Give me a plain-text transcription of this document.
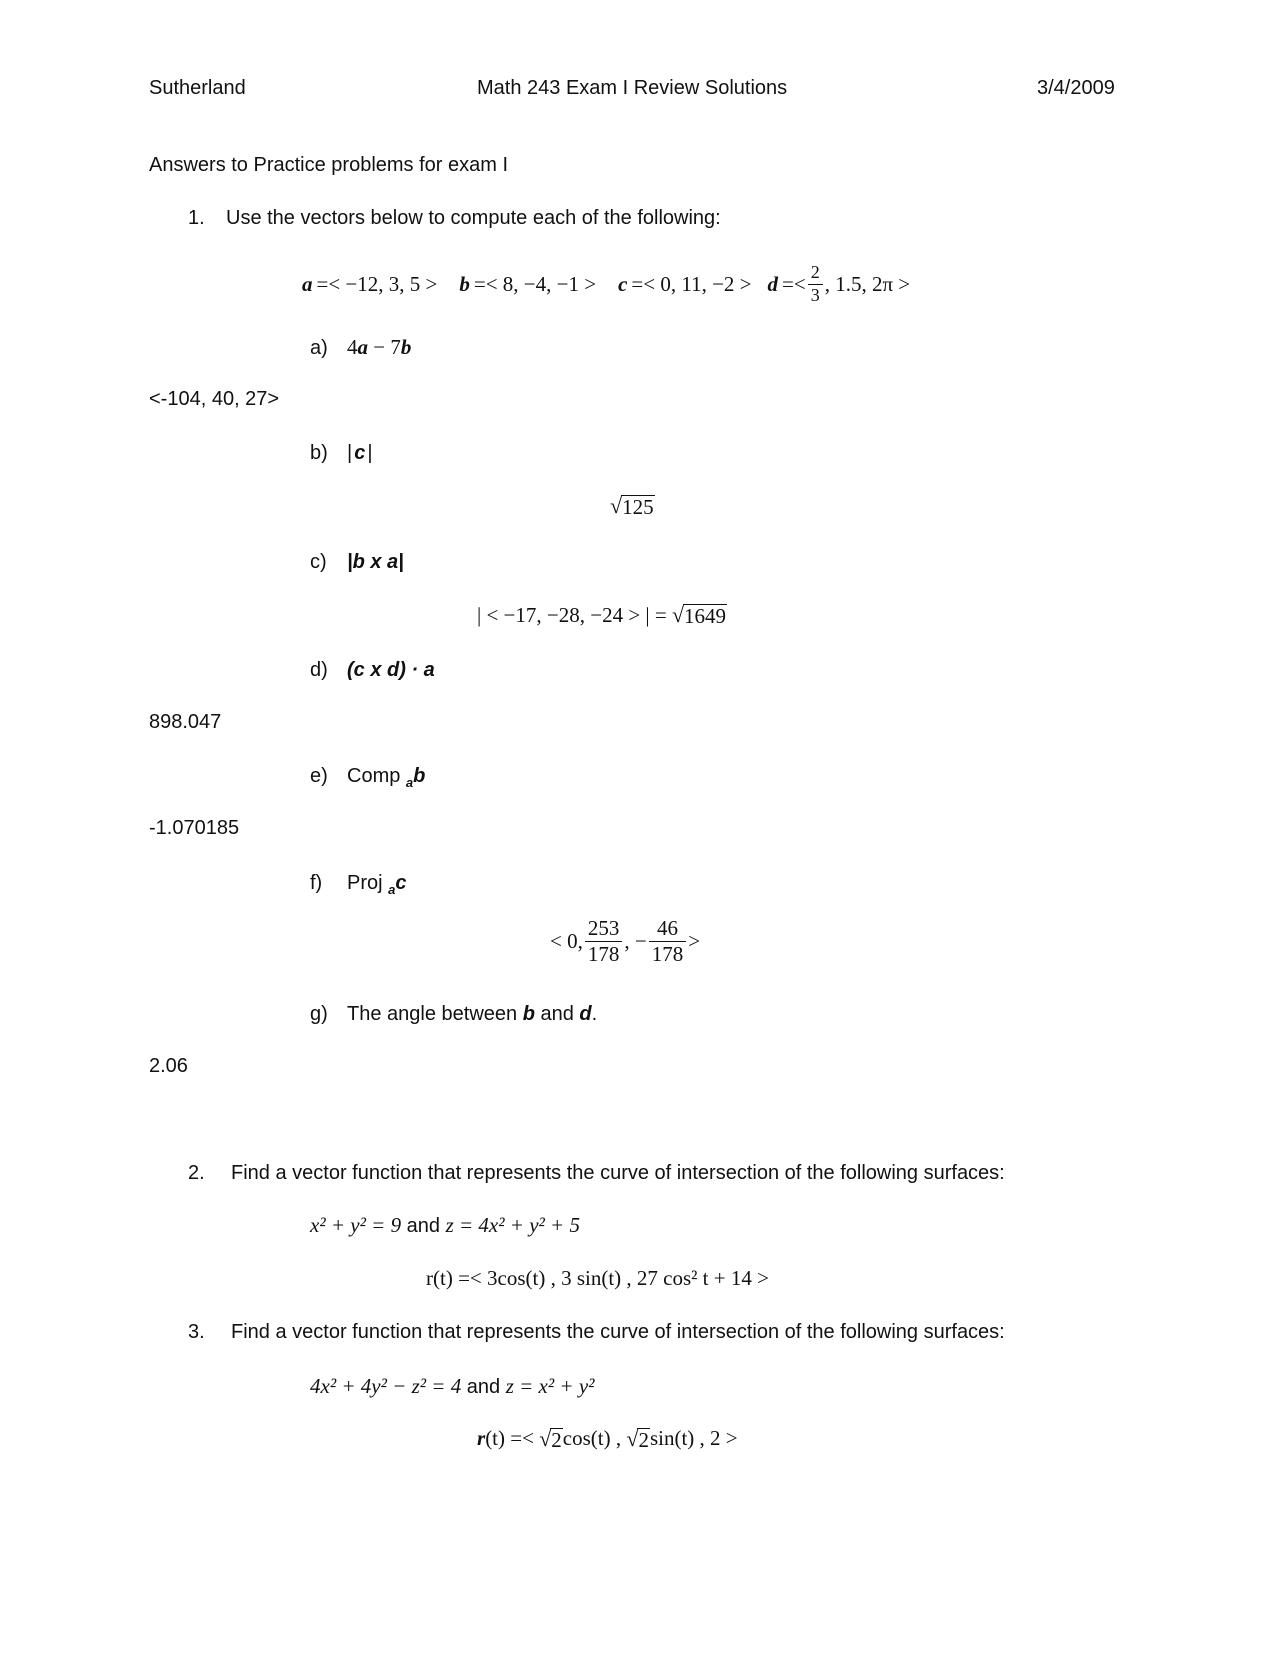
Sutherland	Math 243 Exam I Review Solutions	3/4/2009
Answers to Practice problems for exam I
1. Use the vectors below to compute each of the following:
a =< −12, 3, 5 > b =< 8, −4, −1 > c =< 0, 11, $-2 > d =< \frac{2}{3}$ , 1.5, 2π >
a) 4a − 7b
<-104, 40, 27>
b) | c |
√ 125
c) |b x a|
| < −17, −28, −24 > | = √ 1649
d) (c x d) · a
898.047
e) Comp $_a$b
-1.070185
f) Proj $_a$c
< 0, $\frac{253}{178}$ , − $\frac{46}{178}$ >
g) The angle between b and d.
2.06
2. Find a vector function that represents the curve of intersection of the following surfaces:
x² + y² = 9 and z = 4x² + y² + 5
r(t) =< 3cos(t) , 3 sin(t) , 27 cos² t + 14 >
3. Find a vector function that represents the curve of intersection of the following surfaces:
4x² + 4y² − z² = 4 and z = x² + y²
r (t) =< √ 2 cos(t) , √ 2 sin(t) , 2 >
